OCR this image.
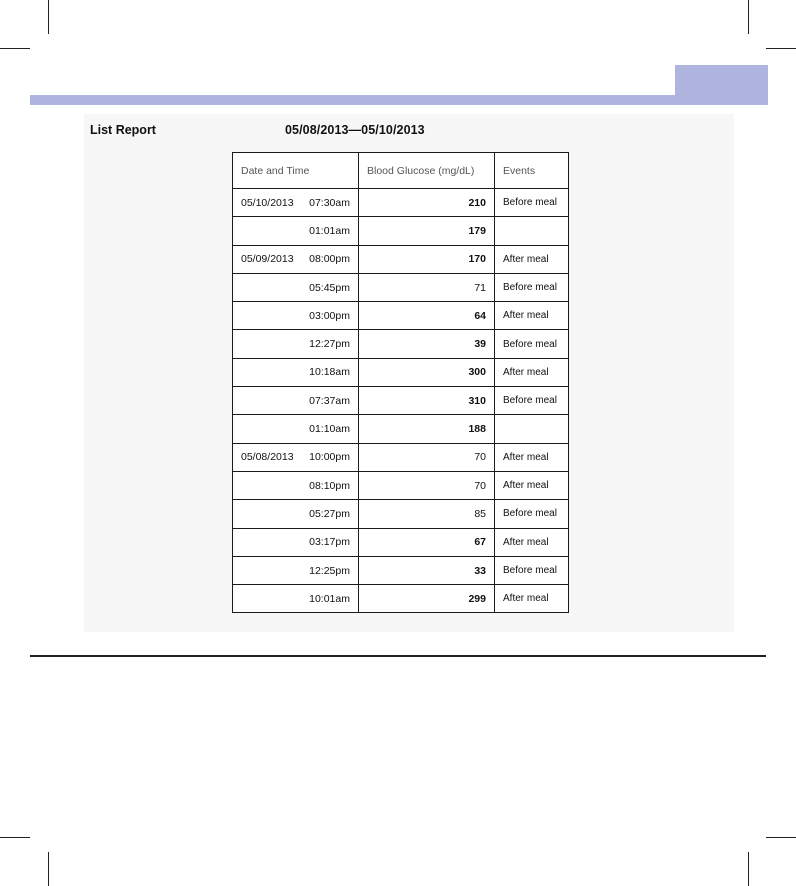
List Report	05/08/2013—05/10/2013
Date and Time	Blood Glucose (mg/dL)	Events

05/10/2013 07:30am	210	Before meal

01:01am	179	

05/09/2013 08:00pm	170	After meal

05:45pm	71	Before meal

03:00pm	64	After meal

12:27pm	39	Before meal

10:18am	300	After meal

07:37am	310	Before meal

01:10am	188	

05/08/2013 10:00pm	70	After meal

08:10pm	70	After meal

05:27pm	85	Before meal

03:17pm	67	After meal

12:25pm	33	Before meal

10:01am	299	After meal
